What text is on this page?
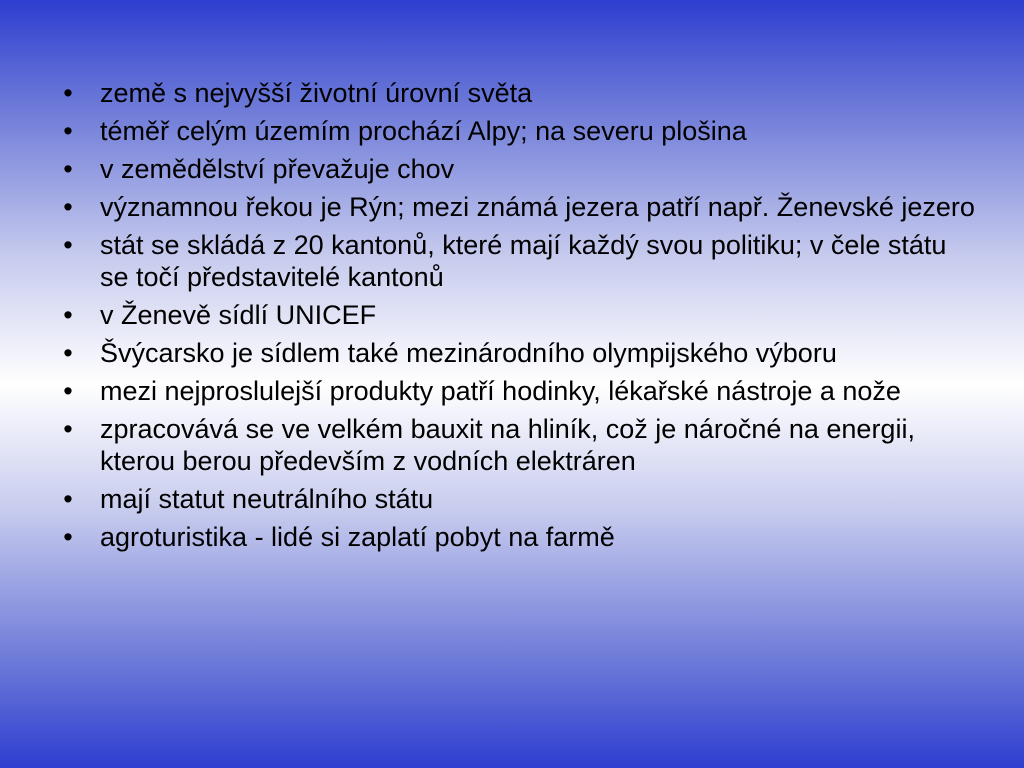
• země s nejvyšší životní úrovní světa
• téměř celým územím prochází Alpy; na severu plošina
• v zemědělství převažuje chov
• významnou řekou je Rýn; mezi známá jezera patří např. Ženevské jezero
• stát se skládá z 20 kantonů, které mají každý svou politiku; v čele státu se točí představitelé kantonů
• v Ženevě sídlí UNICEF
• Švýcarsko je sídlem také mezinárodního olympijského výboru
• mezi nejproslulejší produkty patří hodinky, lékařské nástroje a nože
• zpracovává se ve velkém bauxit na hliník, což je náročné na energii, kterou berou především z vodních elektráren
• mají statut neutrálního státu
• agroturistika - lidé si zaplatí pobyt na farmě
